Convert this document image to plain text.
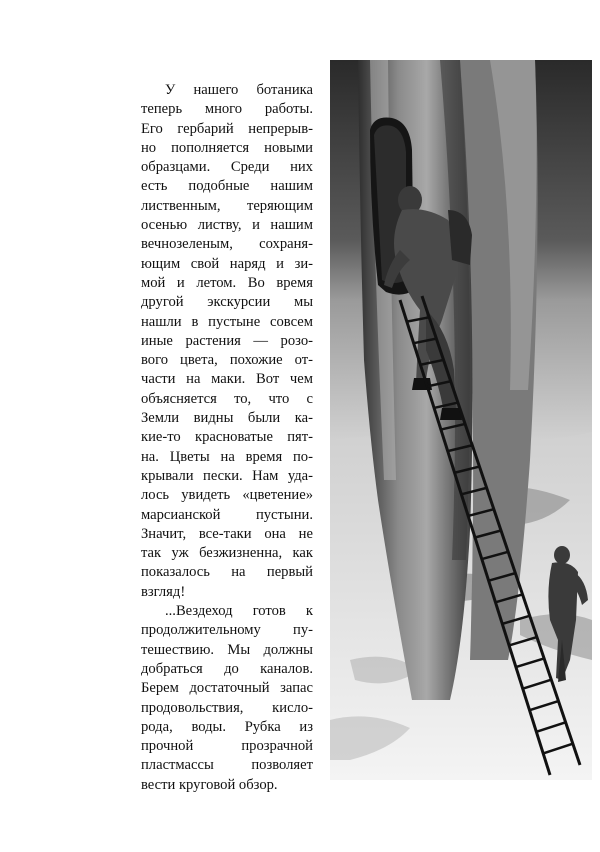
У нашего ботаника
теперь много работы.
Его гербарий непрерыв-
но пополняется новыми
образцами. Среди них
есть подобные нашим
лиственным, теряющим
осенью листву, и нашим
вечнозеленым, сохраня-
ющим свой наряд и зи-
мой и летом. Во время
другой экскурсии мы
нашли в пустыне совсем
иные растения — розо-
вого цвета, похожие от-
части на маки. Вот чем
объясняется то, что с
Земли видны были ка-
кие-то красноватые пят-
на. Цветы на время по-
крывали пески. Нам уда-
лось увидеть «цветение»
марсианской пустыни.
Значит, все-таки она не
так уж безжизненна, как
показалось на первый
взгляд!
...Вездеход готов к
продолжительному пу-
тешествию. Мы должны
добраться до каналов.
Берем достаточный запас
продовольствия, кисло-
рода, воды. Рубка из
прочной	прозрачной
пластмассы	позволяет
вести круговой обзор.
